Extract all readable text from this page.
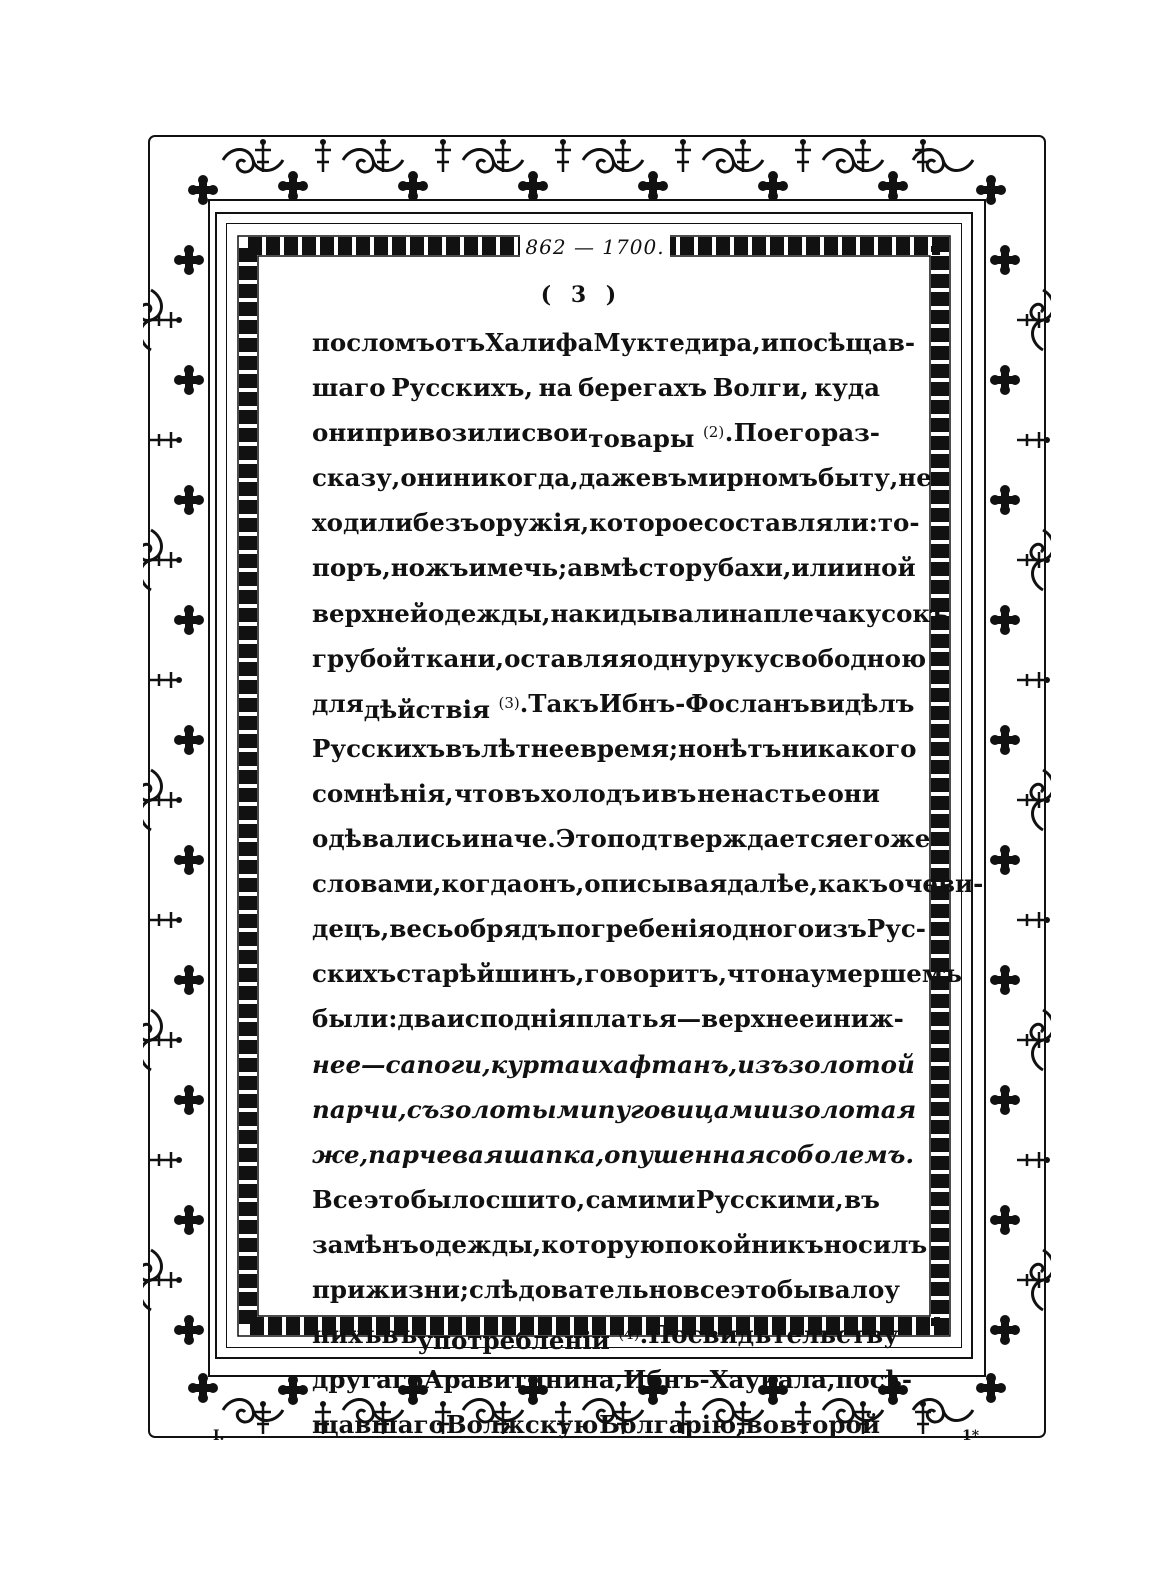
862 — 1700.
( 3 )
посломъ отъ Халифа Муктедира, и посѣщав-
шаго Русскихъ, на берегахъ Волги, куда
они привозили свои товары $^{(2)}$ . По его раз-
сказу, они никогда, даже въ мирномъ быту, не
ходили безъ оружія, которое составляли: то-
поръ, ножъ и мечь; а вмѣсто рубахи, или иной
верхней одежды, накидывали на плеча кусокъ
грубой ткани, оставляя одну руку свободною
для дѣйствія $^{(3)}$ . Такъ Ибнъ-Фосланъ видѣлъ
Русскихъ въ лѣтнее время; но нѣтъ никакого
сомнѣнія, что въ холодъ и въ ненастье они
одѣвались иначе. Это подтверждается его же
словами, когда онъ, описывая далѣе, какъ очеви-
децъ, весь обрядъ погребенія одного изъ Рус-
скихъ старѣйшинъ, говоритъ, что на умершемъ
были: два исподнія платья—верхнее и ниж-
нее—сапоги, курта и хафтанъ, изъ золотой
парчи, съ золотыми пуговицами и золотая
же, парчевая шапка, опушенная соболемъ.
Все это было сшито, самими Русскими, въ
замѣнъ одежды, которую покойникъ носилъ
при жизни; слѣдовательно все это бывало у
нихъ въ употребленіи $^{(4)}$ . По свидѣтельству
другаго Аравитянина, Ибнъ-Хаукала, посѣ-
щавшаго Волжскую Болгарію, во второй
I.	1*
